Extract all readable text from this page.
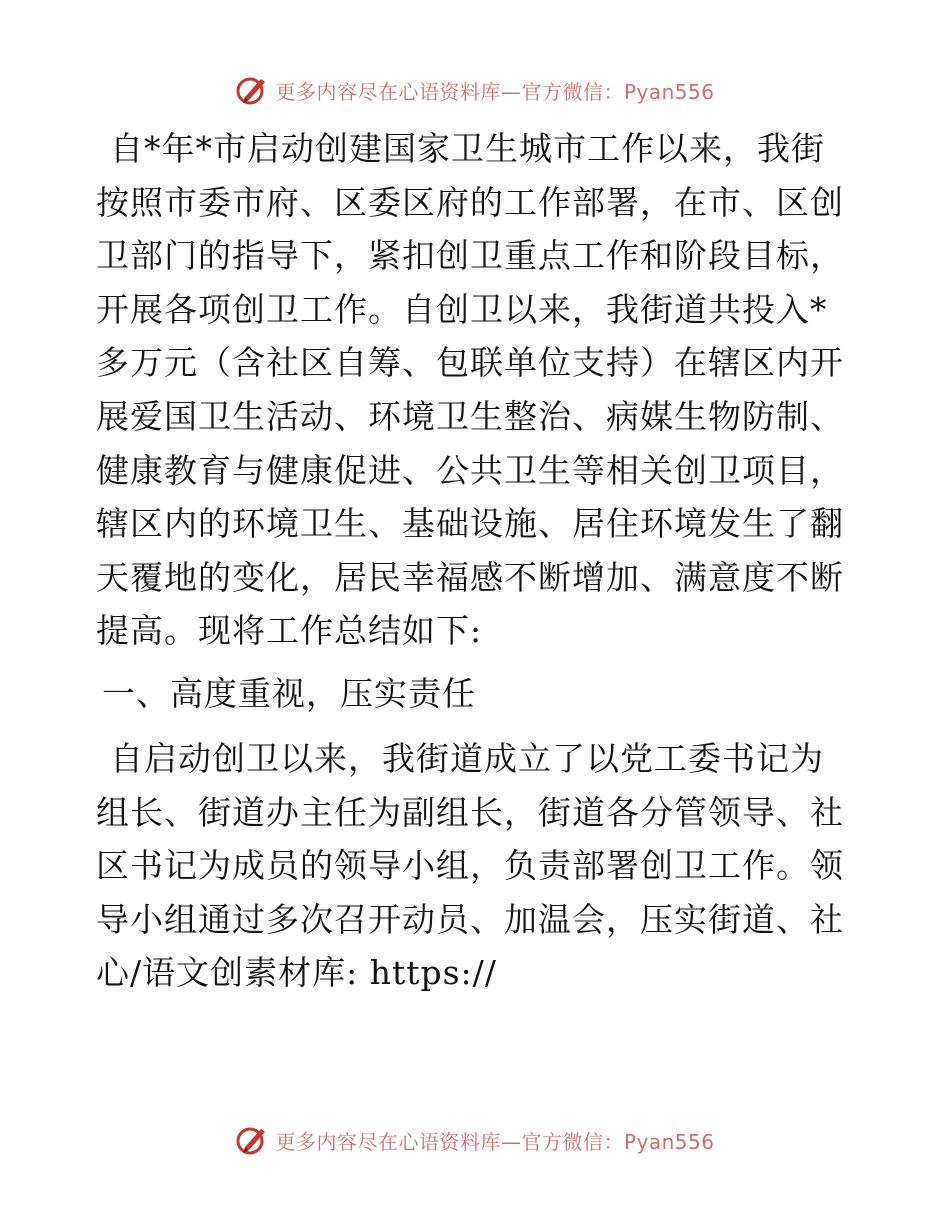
更多内容尽在心语资料库—官方微信：Pyan556

自*年*市启动创建国家卫生城市工作以来，我街按照市委市府、区委区府的工作部署，在市、区创卫部门的指导下，紧扣创卫重点工作和阶段目标，开展各项创卫工作。自创卫以来，我街道共投入*多万元（含社区自筹、包联单位支持）在辖区内开展爱国卫生活动、环境卫生整治、病媒生物防制、健康教育与健康促进、公共卫生等相关创卫项目，辖区内的环境卫生、基础设施、居住环境发生了翻天覆地的变化，居民幸福感不断增加、满意度不断提高。现将工作总结如下:

一、高度重视，压实责任

自启动创卫以来，我街道成立了以党工委书记为组长、街道办主任为副组长，街道各分管领导、社区书记为成员的领导小组，负责部署创卫工作。领导小组通过多次召开动员、加温会，压实街道、社心/语文创素材库: https://

更多内容尽在心语资料库—官方微信：Pyan556
